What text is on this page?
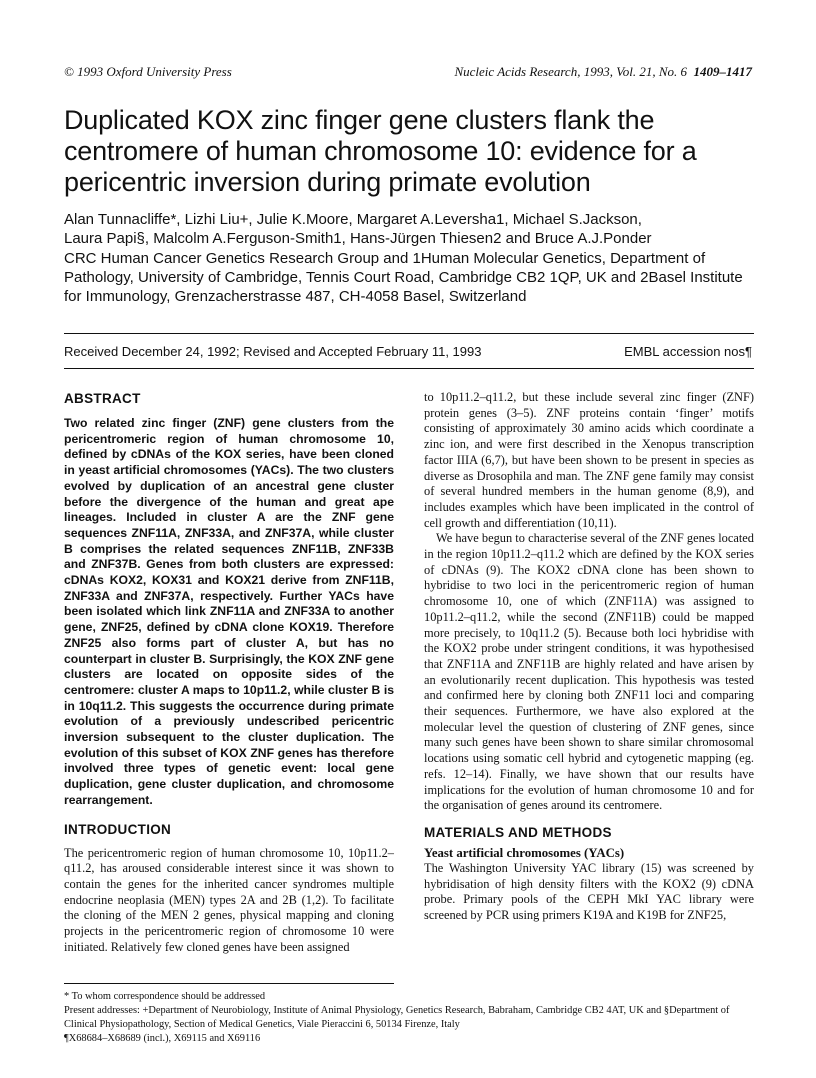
© 1993 Oxford University Press	Nucleic Acids Research, 1993, Vol. 21, No. 6 1409–1417
Duplicated KOX zinc finger gene clusters flank the centromere of human chromosome 10: evidence for a pericentric inversion during primate evolution
Alan Tunnacliffe*, Lizhi Liu+, Julie K.Moore, Margaret A.Leversha1, Michael S.Jackson,
Laura Papi§, Malcolm A.Ferguson-Smith1, Hans-Jürgen Thiesen2 and Bruce A.J.Ponder
CRC Human Cancer Genetics Research Group and 1Human Molecular Genetics, Department of Pathology, University of Cambridge, Tennis Court Road, Cambridge CB2 1QP, UK and 2Basel Institute for Immunology, Grenzacherstrasse 487, CH-4058 Basel, Switzerland
Received December 24, 1992; Revised and Accepted February 11, 1993	EMBL accession nos¶
ABSTRACT

Two related zinc finger (ZNF) gene clusters from the pericentromeric region of human chromosome 10, defined by cDNAs of the KOX series, have been cloned in yeast artificial chromosomes (YACs). The two clusters evolved by duplication of an ancestral gene cluster before the divergence of the human and great ape lineages. Included in cluster A are the ZNF gene sequences ZNF11A, ZNF33A, and ZNF37A, while cluster B comprises the related sequences ZNF11B, ZNF33B and ZNF37B. Genes from both clusters are expressed: cDNAs KOX2, KOX31 and KOX21 derive from ZNF11B, ZNF33A and ZNF37A, respectively. Further YACs have been isolated which link ZNF11A and ZNF33A to another gene, ZNF25, defined by cDNA clone KOX19. Therefore ZNF25 also forms part of cluster A, but has no counterpart in cluster B. Surprisingly, the KOX ZNF gene clusters are located on opposite sides of the centromere: cluster A maps to 10p11.2, while cluster B is in 10q11.2. This suggests the occurrence during primate evolution of a previously undescribed pericentric inversion subsequent to the cluster duplication. The evolution of this subset of KOX ZNF genes has therefore involved three types of genetic event: local gene duplication, gene cluster duplication, and chromosome rearrangement.

INTRODUCTION

The pericentromeric region of human chromosome 10, 10p11.2–q11.2, has aroused considerable interest since it was shown to contain the genes for the inherited cancer syndromes multiple endocrine neoplasia (MEN) types 2A and 2B (1,2). To facilitate the cloning of the MEN 2 genes, physical mapping and cloning projects in the pericentromeric region of chromosome 10 were initiated. Relatively few cloned genes have been assigned

to 10p11.2–q11.2, but these include several zinc finger (ZNF) protein genes (3–5). ZNF proteins contain ‘finger’ motifs consisting of approximately 30 amino acids which coordinate a zinc ion, and were first described in the Xenopus transcription factor IIIA (6,7), but have been shown to be present in species as diverse as Drosophila and man. The ZNF gene family may consist of several hundred members in the human genome (8,9), and includes examples which have been implicated in the control of cell growth and differentiation (10,11).

We have begun to characterise several of the ZNF genes located in the region 10p11.2–q11.2 which are defined by the KOX series of cDNAs (9). The KOX2 cDNA clone has been shown to hybridise to two loci in the pericentromeric region of human chromosome 10, one of which (ZNF11A) was assigned to 10p11.2–q11.2, while the second (ZNF11B) could be mapped more precisely, to 10q11.2 (5). Because both loci hybridise with the KOX2 probe under stringent conditions, it was hypothesised that ZNF11A and ZNF11B are highly related and have arisen by an evolutionarily recent duplication. This hypothesis was tested and confirmed here by cloning both ZNF11 loci and comparing their sequences. Furthermore, we have also explored at the molecular level the question of clustering of ZNF genes, since many such genes have been shown to share similar chromosomal locations using somatic cell hybrid and cytogenetic mapping (eg. refs. 12–14). Finally, we have shown that our results have implications for the evolution of human chromosome 10 and for the organisation of genes around its centromere.

MATERIALS AND METHODS
Yeast artificial chromosomes (YACs)

The Washington University YAC library (15) was screened by hybridisation of high density filters with the KOX2 (9) cDNA probe. Primary pools of the CEPH MkI YAC library were screened by PCR using primers K19A and K19B for ZNF25,

* To whom correspondence should be addressed
Present addresses: +Department of Neurobiology, Institute of Animal Physiology, Genetics Research, Babraham, Cambridge CB2 4AT, UK and §Department of Clinical Physiopathology, Section of Medical Genetics, Viale Pieraccini 6, 50134 Firenze, Italy
¶X68684–X68689 (incl.), X69115 and X69116
